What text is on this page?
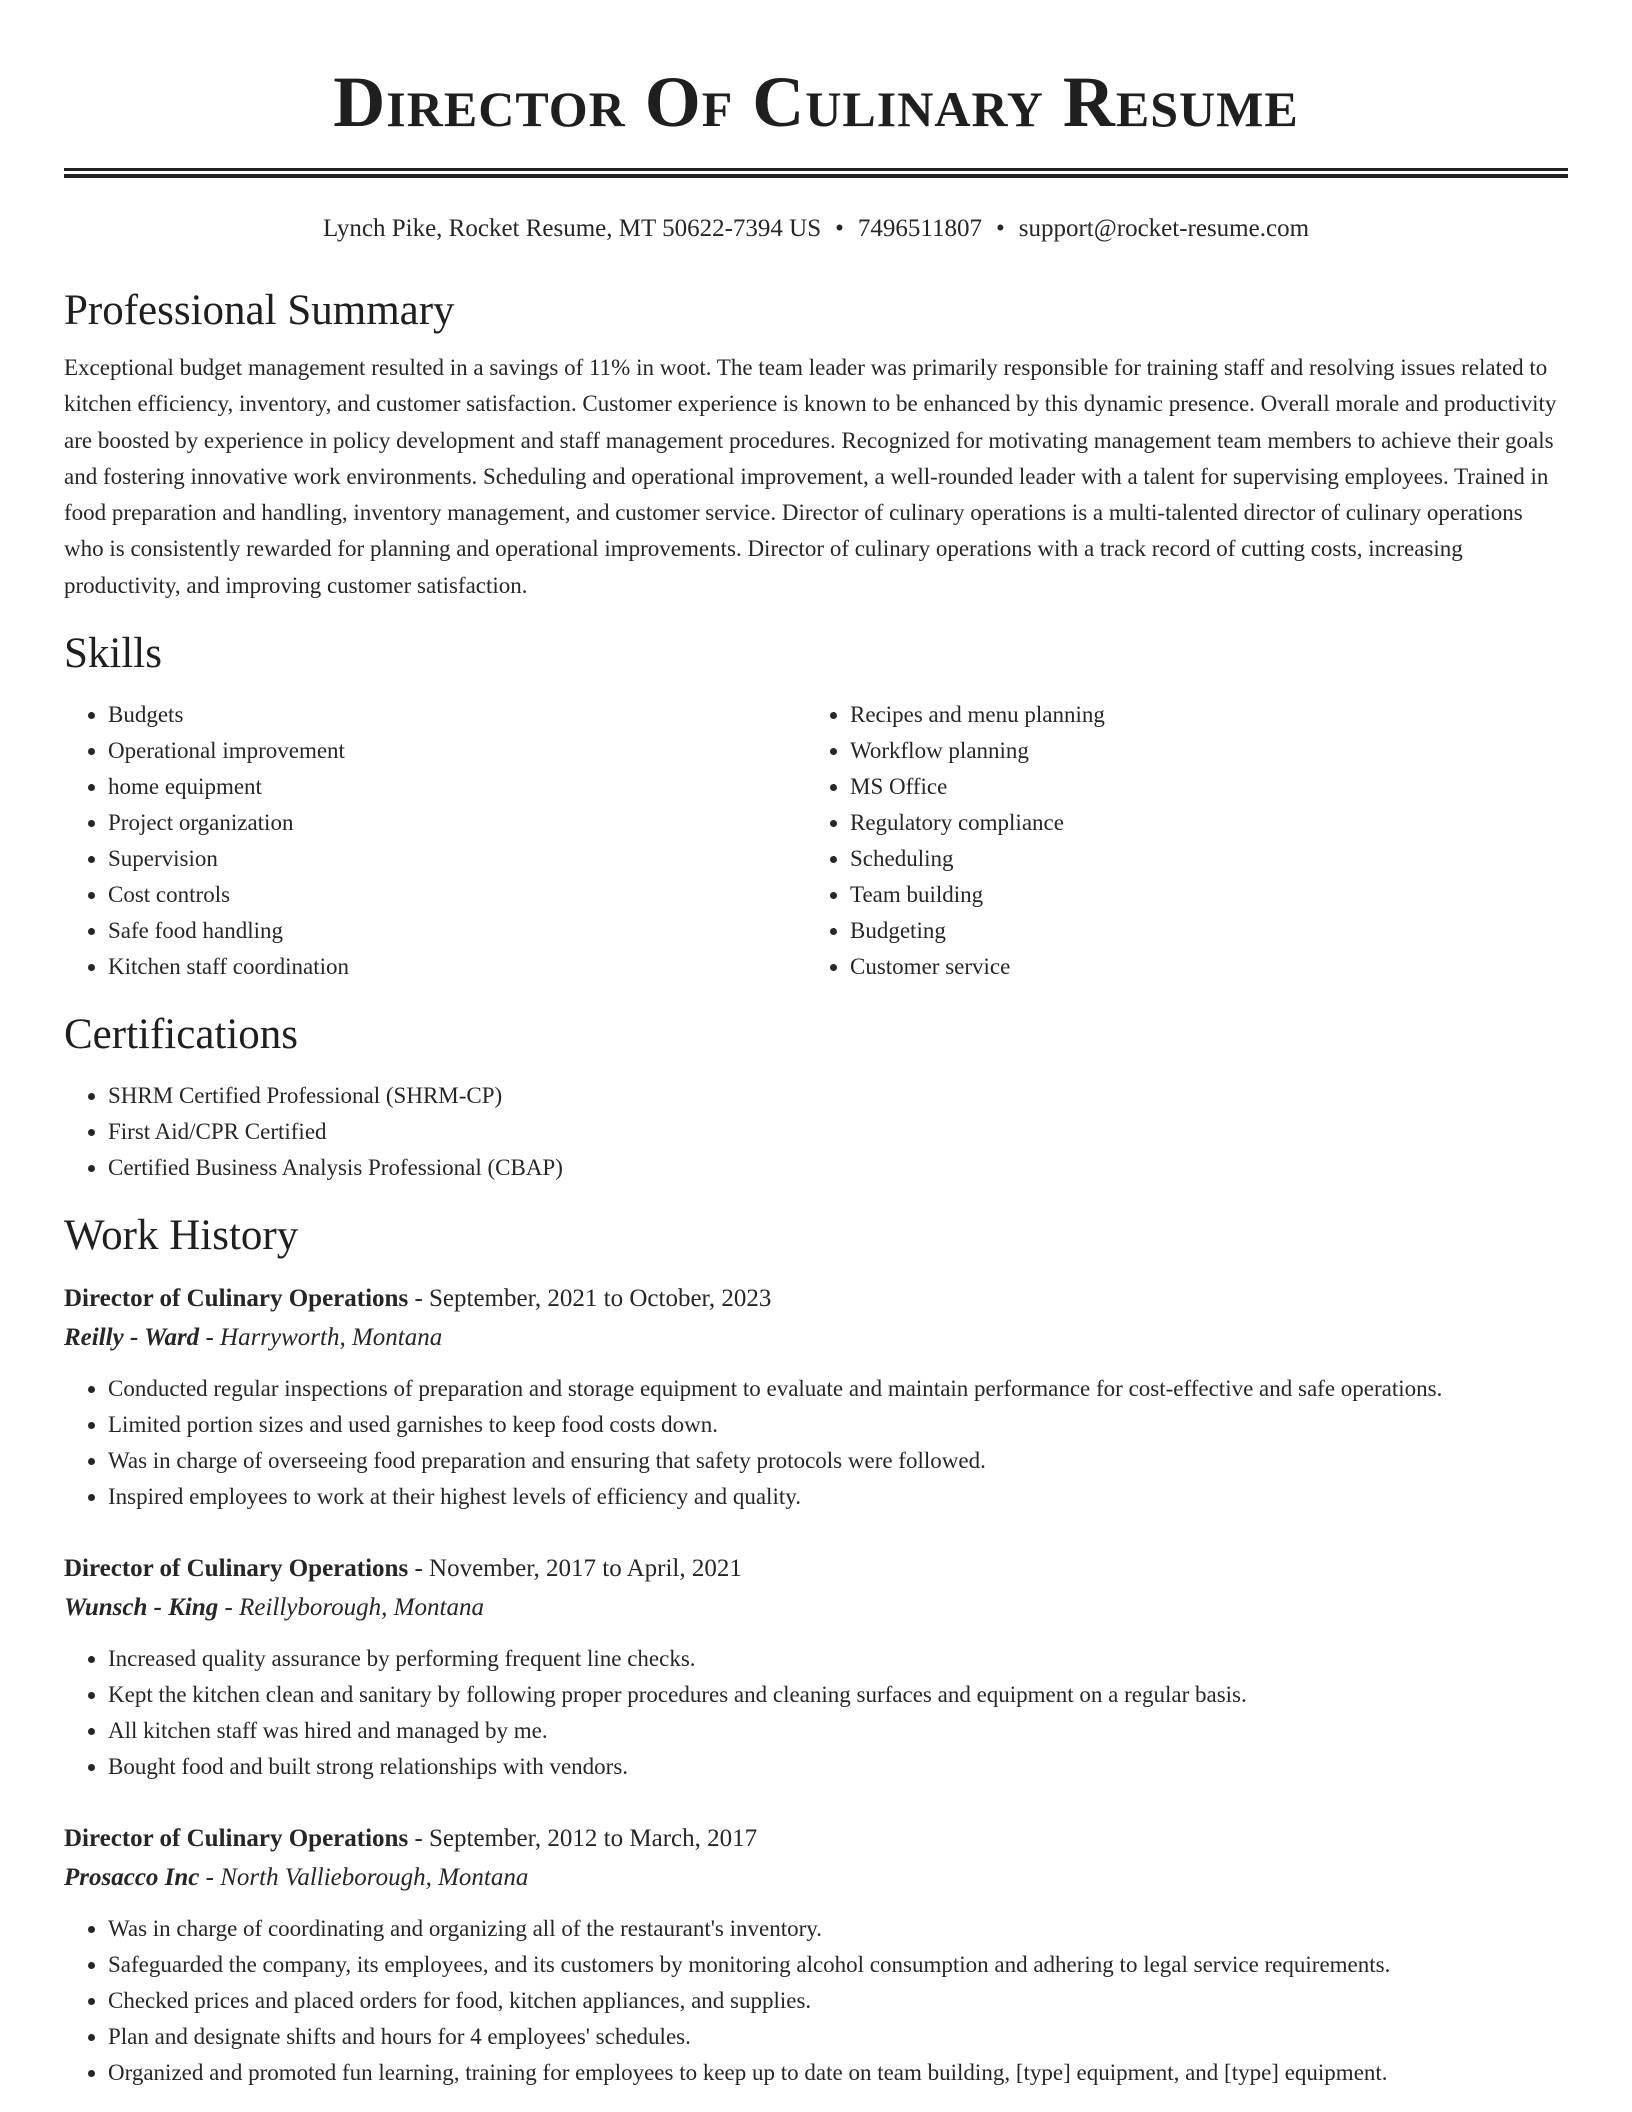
Director Of Culinary Resume
Lynch Pike, Rocket Resume, MT 50622-7394 US • 7496511807 • support@rocket-resume.com
Professional Summary
Exceptional budget management resulted in a savings of 11% in woot. The team leader was primarily responsible for training staff and resolving issues related to kitchen efficiency, inventory, and customer satisfaction. Customer experience is known to be enhanced by this dynamic presence. Overall morale and productivity are boosted by experience in policy development and staff management procedures. Recognized for motivating management team members to achieve their goals and fostering innovative work environments. Scheduling and operational improvement, a well-rounded leader with a talent for supervising employees. Trained in food preparation and handling, inventory management, and customer service. Director of culinary operations is a multi-talented director of culinary operations who is consistently rewarded for planning and operational improvements. Director of culinary operations with a track record of cutting costs, increasing productivity, and improving customer satisfaction.
Skills
• Budgets
• Operational improvement
• home equipment
• Project organization
• Supervision
• Cost controls
• Safe food handling
• Kitchen staff coordination
• Recipes and menu planning
• Workflow planning
• MS Office
• Regulatory compliance
• Scheduling
• Team building
• Budgeting
• Customer service
Certifications
• SHRM Certified Professional (SHRM-CP)
• First Aid/CPR Certified
• Certified Business Analysis Professional (CBAP)
Work History
Director of Culinary Operations - September, 2021 to October, 2023
Reilly - Ward - Harryworth, Montana
• Conducted regular inspections of preparation and storage equipment to evaluate and maintain performance for cost-effective and safe operations.
• Limited portion sizes and used garnishes to keep food costs down.
• Was in charge of overseeing food preparation and ensuring that safety protocols were followed.
• Inspired employees to work at their highest levels of efficiency and quality.
Director of Culinary Operations - November, 2017 to April, 2021
Wunsch - King - Reillyborough, Montana
• Increased quality assurance by performing frequent line checks.
• Kept the kitchen clean and sanitary by following proper procedures and cleaning surfaces and equipment on a regular basis.
• All kitchen staff was hired and managed by me.
• Bought food and built strong relationships with vendors.
Director of Culinary Operations - September, 2012 to March, 2017
Prosacco Inc - North Vallieborough, Montana
• Was in charge of coordinating and organizing all of the restaurant's inventory.
• Safeguarded the company, its employees, and its customers by monitoring alcohol consumption and adhering to legal service requirements.
• Checked prices and placed orders for food, kitchen appliances, and supplies.
• Plan and designate shifts and hours for 4 employees' schedules.
• Organized and promoted fun learning, training for employees to keep up to date on team building, [type] equipment, and [type] equipment.
